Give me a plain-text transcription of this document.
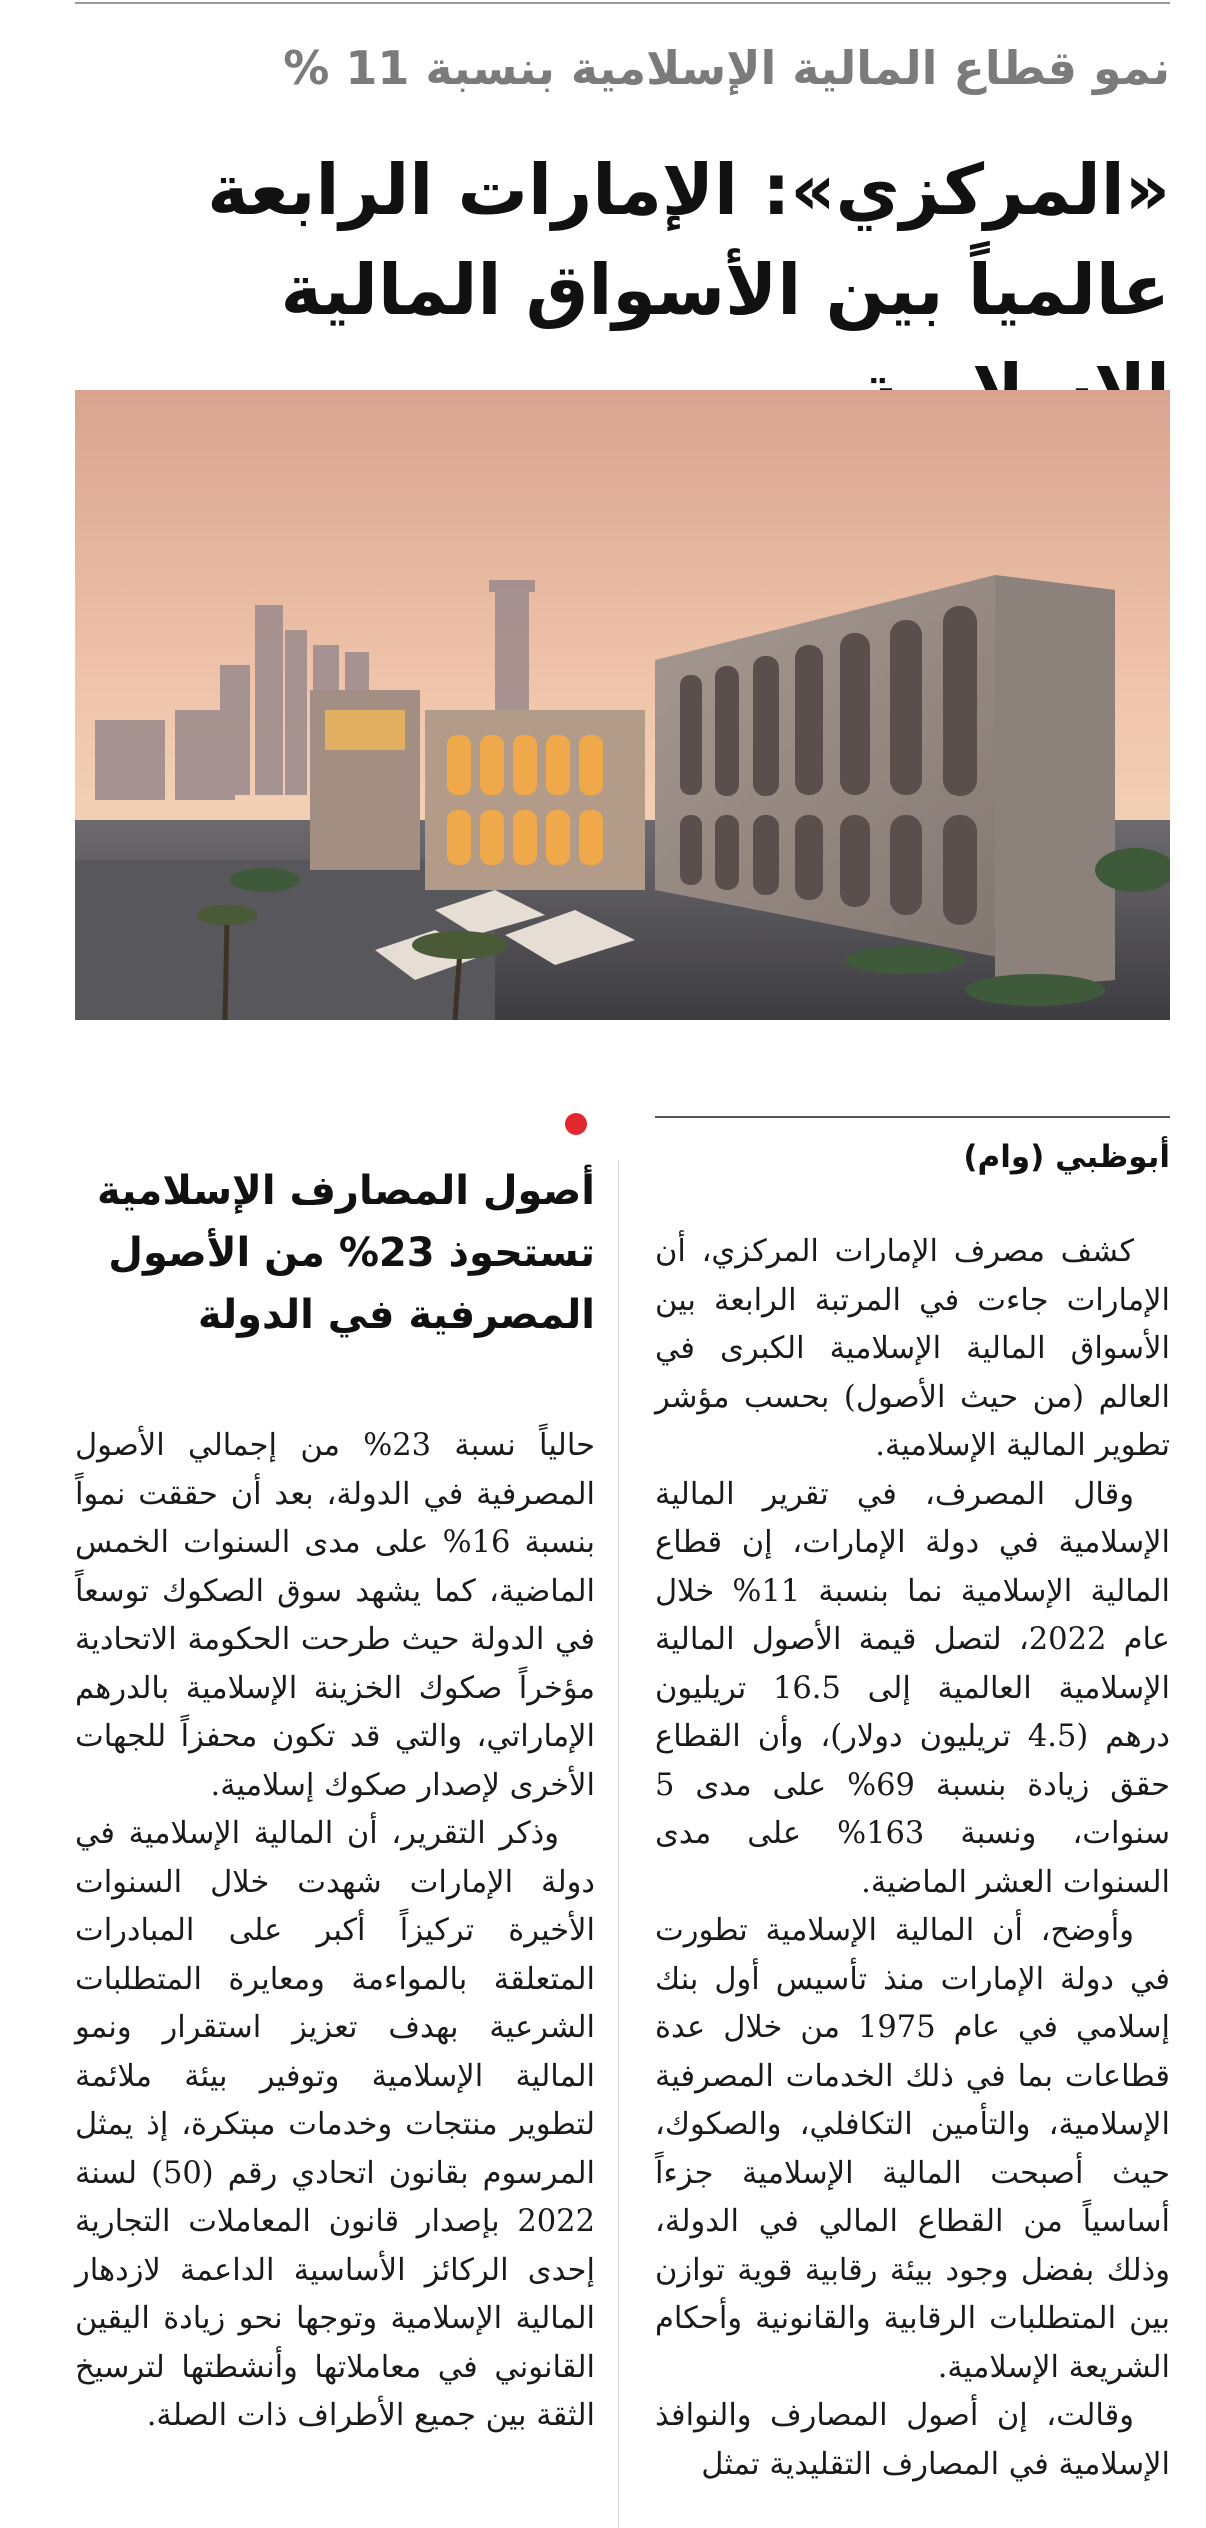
نمو قطاع المالية الإسلامية بنسبة 11 %
«المركزي»: الإمارات الرابعة عالمياً بين الأسواق المالية
أبوظبي (وام)
أصول المصارف الإسلامية تستحوذ 23% من الأصول المصرفية في الدولة

كشف مصرف الإمارات المركزي، أن الإمارات جاءت في المرتبة الرابعة بين الأسواق المالية الإسلامية الكبرى في العالم (من حيث الأصول) بحسب مؤشر تطوير المالية الإسلامية.

وقال المصرف، في تقرير المالية الإسلامية في دولة الإمارات، إن قطاع المالية الإسلامية نما بنسبة 11% خلال عام 2022، لتصل قيمة الأصول المالية الإسلامية العالمية إلى 16.5 تريليون درهم (4.5 تريليون دولار)، وأن القطاع حقق زيادة بنسبة 69% على مدى 5 سنوات، ونسبة 163% على مدى السنوات العشر الماضية.

وأوضح، أن المالية الإسلامية تطورت في دولة الإمارات منذ تأسيس أول بنك إسلامي في عام 1975 من خلال عدة قطاعات بما في ذلك الخدمات المصرفية الإسلامية، والتأمين التكافلي، والصكوك، حيث أصبحت المالية الإسلامية جزءاً أساسياً من القطاع المالي في الدولة، وذلك بفضل وجود بيئة رقابية قوية توازن بين المتطلبات الرقابية والقانونية وأحكام الشريعة الإسلامية.

وقالت، إن أصول المصارف والنوافذ الإسلامية في المصارف التقليدية تمثل

حالياً نسبة 23% من إجمالي الأصول المصرفية في الدولة، بعد أن حققت نمواً بنسبة 16% على مدى السنوات الخمس الماضية، كما يشهد سوق الصكوك توسعاً في الدولة حيث طرحت الحكومة الاتحادية مؤخراً صكوك الخزينة الإسلامية بالدرهم الإماراتي، والتي قد تكون محفزاً للجهات الأخرى لإصدار صكوك إسلامية.

وذكر التقرير، أن المالية الإسلامية في دولة الإمارات شهدت خلال السنوات الأخيرة تركيزاً أكبر على المبادرات المتعلقة بالمواءمة ومعايرة المتطلبات الشرعية بهدف تعزيز استقرار ونمو المالية الإسلامية وتوفير بيئة ملائمة لتطوير منتجات وخدمات مبتكرة، إذ يمثل المرسوم بقانون اتحادي رقم (50) لسنة 2022 بإصدار قانون المعاملات التجارية إحدى الركائز الأساسية الداعمة لازدهار المالية الإسلامية وتوجها نحو زيادة اليقين القانوني في معاملاتها وأنشطتها لترسيخ الثقة بين جميع الأطراف ذات الصلة.
